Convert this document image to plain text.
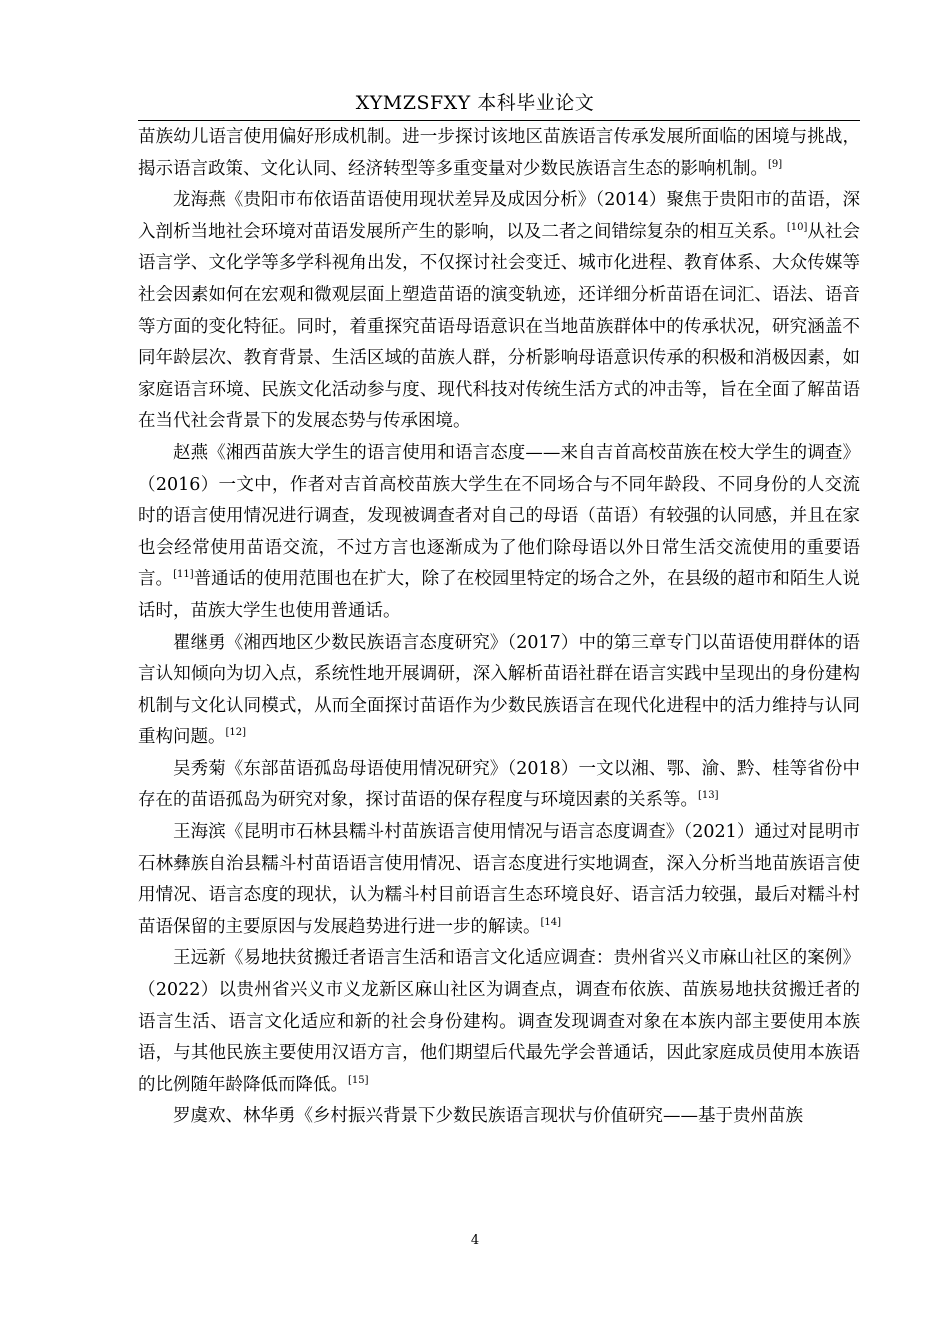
XYMZSFXY 本科毕业论文

苗族幼儿语言使用偏好形成机制。进一步探讨该地区苗族语言传承发展所面临的困境与挑战，揭示语言政策、文化认同、经济转型等多重变量对少数民族语言生态的影响机制。[9]

龙海燕《贵阳市布依语苗语使用现状差异及成因分析》（2014）聚焦于贵阳市的苗语，深入剖析当地社会环境对苗语发展所产生的影响，以及二者之间错综复杂的相互关系。[10]从社会语言学、文化学等多学科视角出发，不仅探讨社会变迁、城市化进程、教育体系、大众传媒等社会因素如何在宏观和微观层面上塑造苗语的演变轨迹，还详细分析苗语在词汇、语法、语音等方面的变化特征。同时，着重探究苗语母语意识在当地苗族群体中的传承状况，研究涵盖不同年龄层次、教育背景、生活区域的苗族人群，分析影响母语意识传承的积极和消极因素，如家庭语言环境、民族文化活动参与度、现代科技对传统生活方式的冲击等，旨在全面了解苗语在当代社会背景下的发展态势与传承困境。

赵燕《湘西苗族大学生的语言使用和语言态度——来自吉首高校苗族在校大学生的调查》（2016）一文中，作者对吉首高校苗族大学生在不同场合与不同年龄段、不同身份的人交流时的语言使用情况进行调查，发现被调查者对自己的母语（苗语）有较强的认同感，并且在家也会经常使用苗语交流，不过方言也逐渐成为了他们除母语以外日常生活交流使用的重要语言。[11]普通话的使用范围也在扩大，除了在校园里特定的场合之外，在县级的超市和陌生人说话时，苗族大学生也使用普通话。

瞿继勇《湘西地区少数民族语言态度研究》（2017）中的第三章专门以苗语使用群体的语言认知倾向为切入点，系统性地开展调研，深入解析苗语社群在语言实践中呈现出的身份建构机制与文化认同模式，从而全面探讨苗语作为少数民族语言在现代化进程中的活力维持与认同重构问题。[12]

吴秀菊《东部苗语孤岛母语使用情况研究》（2018）一文以湘、鄂、渝、黔、桂等省份中存在的苗语孤岛为研究对象，探讨苗语的保存程度与环境因素的关系等。[13]

王海滨《昆明市石林县糯斗村苗族语言使用情况与语言态度调查》（2021）通过对昆明市石林彝族自治县糯斗村苗语语言使用情况、语言态度进行实地调查，深入分析当地苗族语言使用情况、语言态度的现状，认为糯斗村目前语言生态环境良好、语言活力较强，最后对糯斗村苗语保留的主要原因与发展趋势进行进一步的解读。[14]

王远新《易地扶贫搬迁者语言生活和语言文化适应调查：贵州省兴义市麻山社区的案例》（2022）以贵州省兴义市义龙新区麻山社区为调查点，调查布依族、苗族易地扶贫搬迁者的语言生活、语言文化适应和新的社会身份建构。调查发现调查对象在本族内部主要使用本族语，与其他民族主要使用汉语方言，他们期望后代最先学会普通话，因此家庭成员使用本族语的比例随年龄降低而降低。[15]

罗虞欢、林华勇《乡村振兴背景下少数民族语言现状与价值研究——基于贵州苗族

4
